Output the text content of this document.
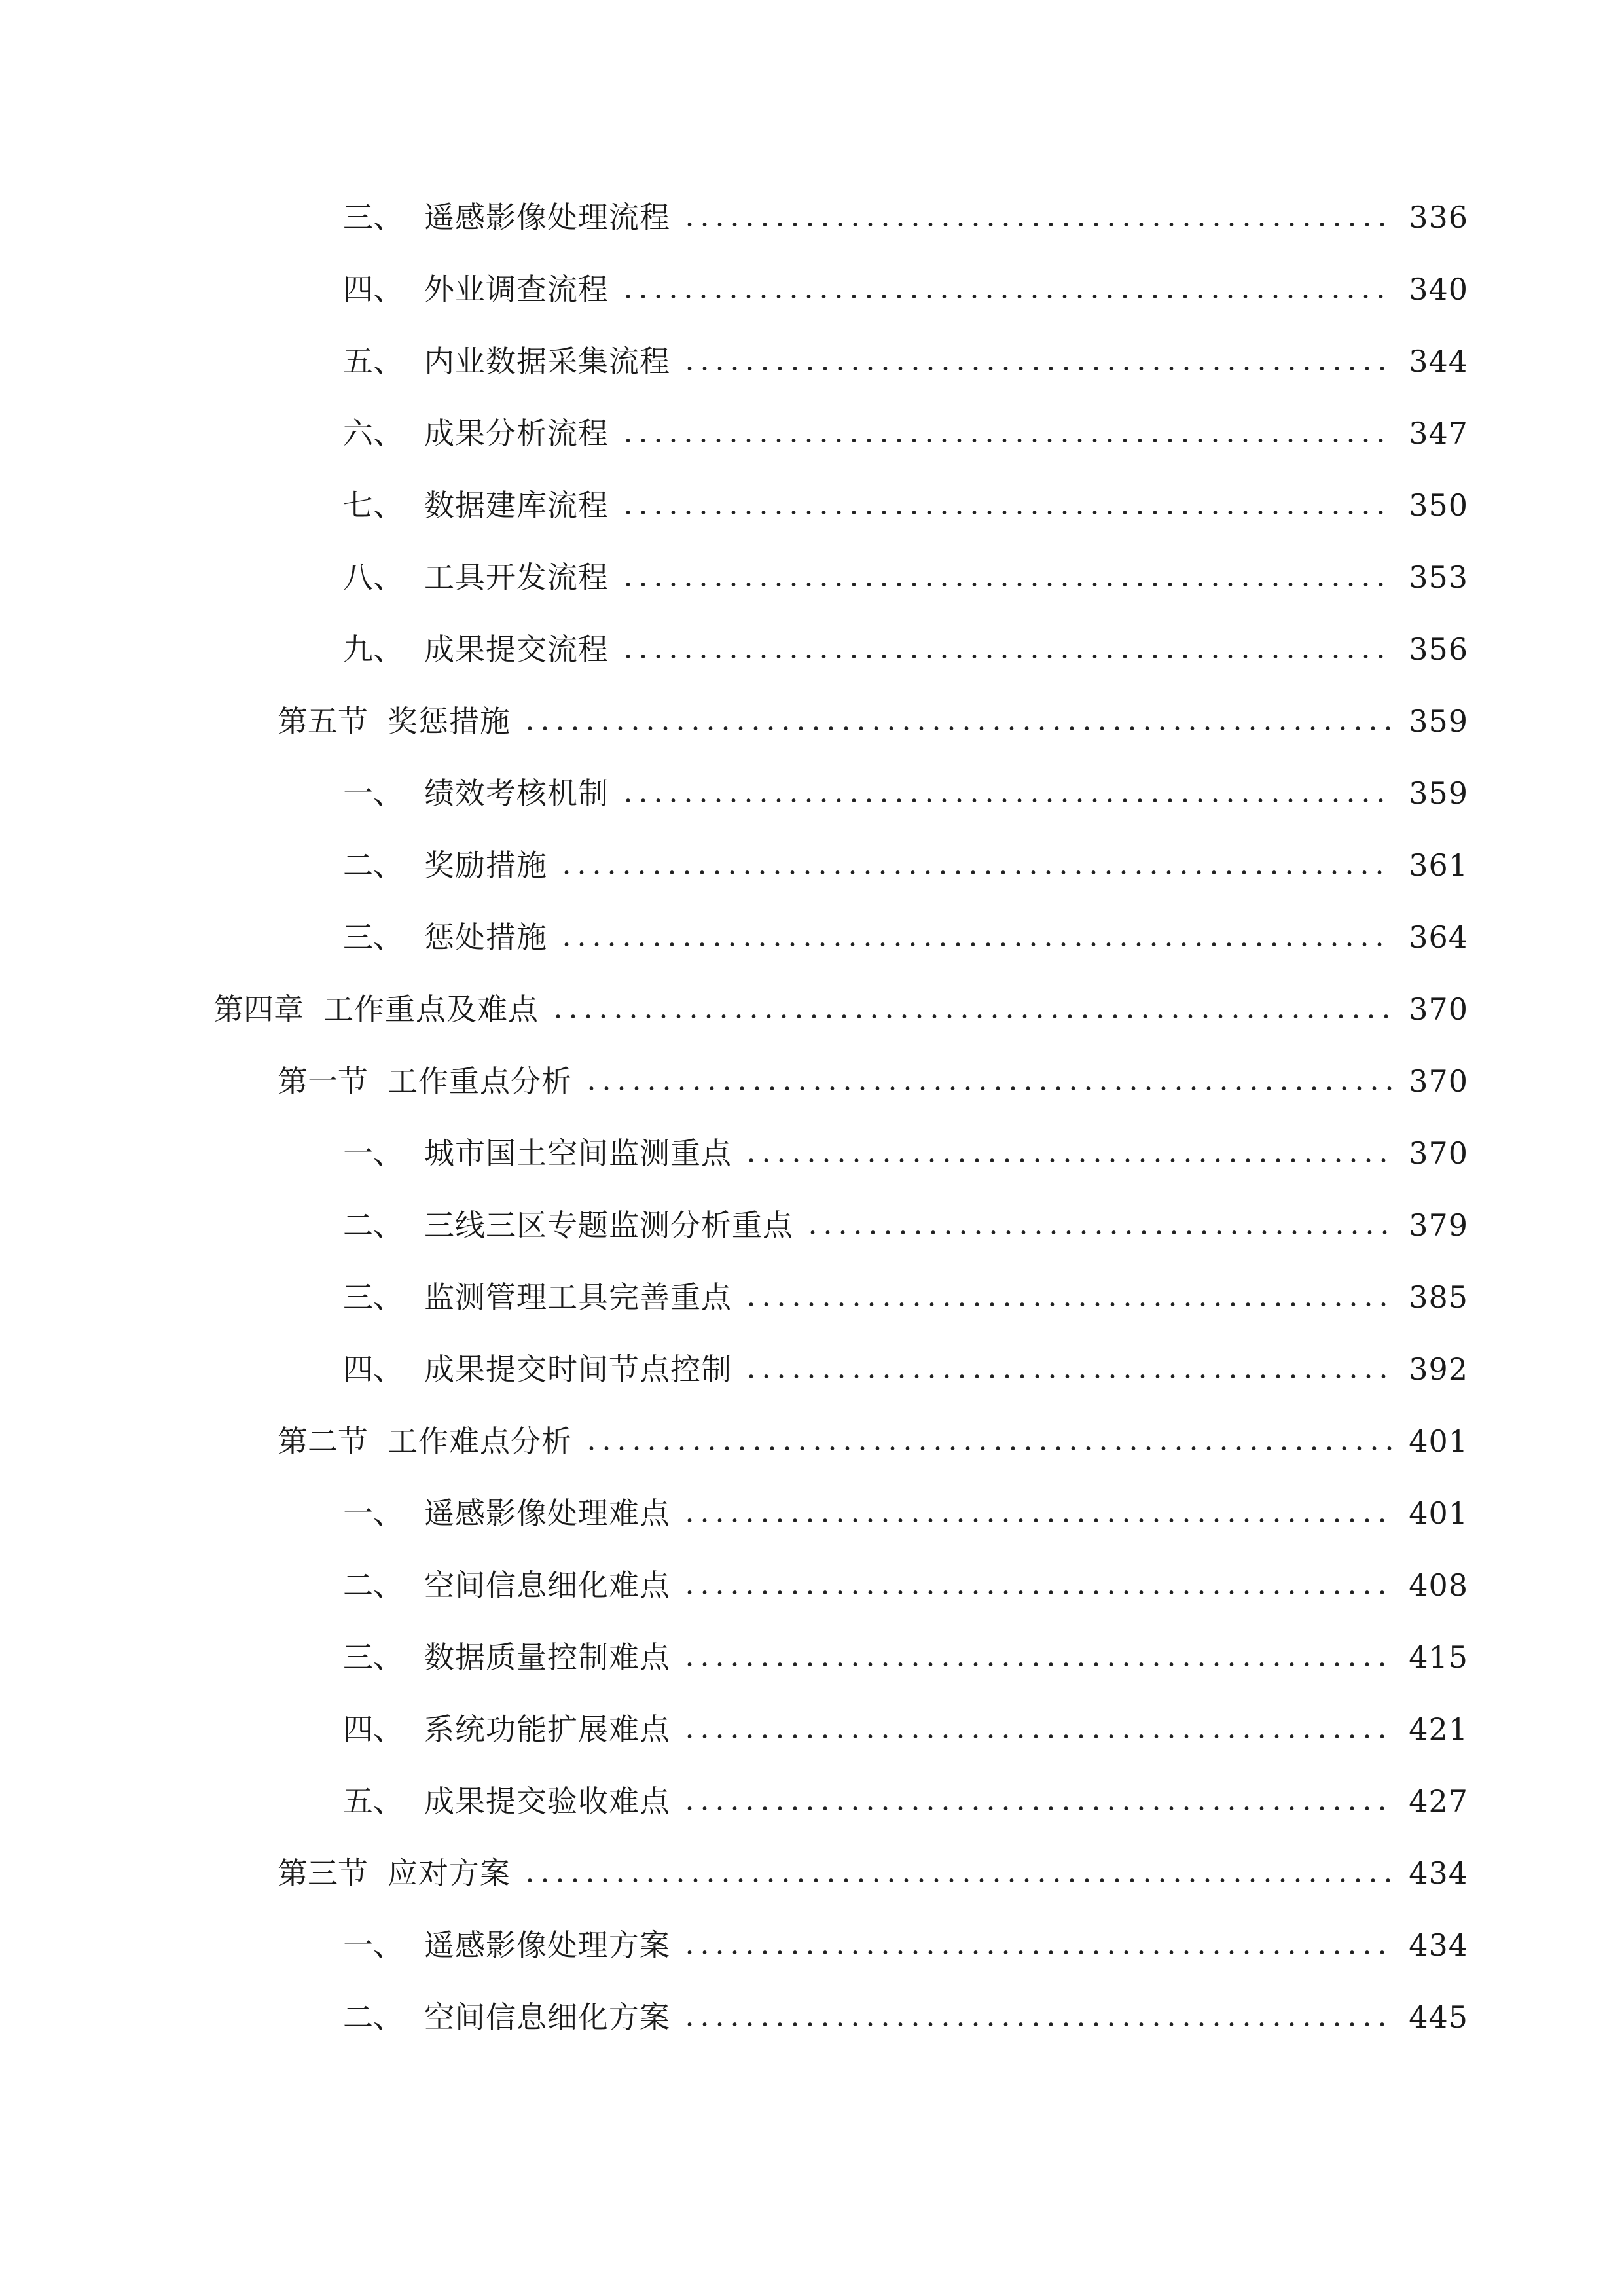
三、 遥感影像处理流程	336
四、 外业调查流程	340
五、 内业数据采集流程	344
六、 成果分析流程	347
七、 数据建库流程	350
八、 工具开发流程	353
九、 成果提交流程	356
第五节 奖惩措施	359
一、 绩效考核机制	359
二、 奖励措施	361
三、 惩处措施	364
第四章 工作重点及难点	370
第一节 工作重点分析	370
一、 城市国土空间监测重点	370
二、 三线三区专题监测分析重点	379
三、 监测管理工具完善重点	385
四、 成果提交时间节点控制	392
第二节 工作难点分析	401
一、 遥感影像处理难点	401
二、 空间信息细化难点	408
三、 数据质量控制难点	415
四、 系统功能扩展难点	421
五、 成果提交验收难点	427
第三节 应对方案	434
一、 遥感影像处理方案	434
二、 空间信息细化方案	445
